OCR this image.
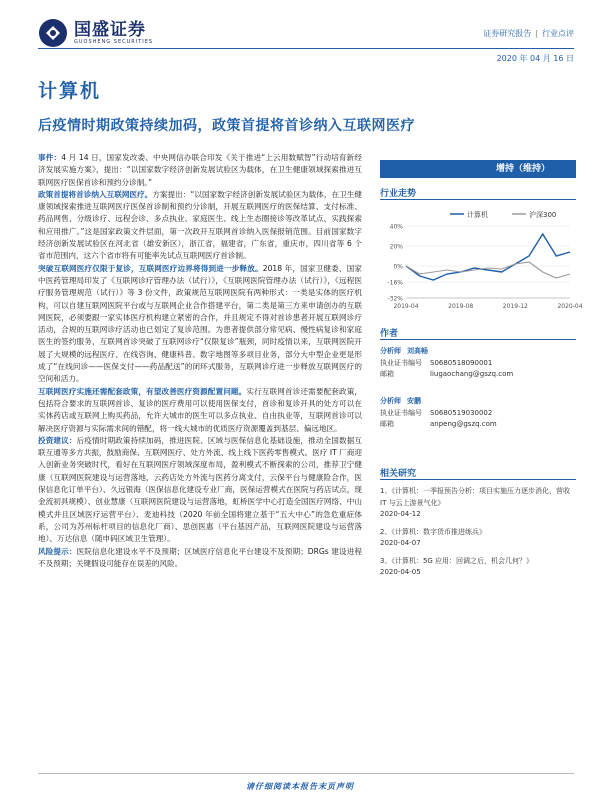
国盛证券
GUOSHENG SECURITIES
证券研究报告 | 行业点评
2020 年 04 月 16 日
计算机
后疫情时期政策持续加码，政策首提将首诊纳入互联网医疗

事件：4 月 14 日，国家发改委、中央网信办联合印发《关于推进“上云用数赋智”行动培育新经济发展实施方案》，提出：“以国家数字经济创新发展试验区为载体，在卫生健康领域探索推进互联网医疗医保首诊和预约分诊制。”

政策首提将首诊纳入互联网医疗。方案提出：“以国家数字经济创新发展试验区为载体，在卫生健康领域探索推进互联网医疗医保首诊制和预约分诊制，开展互联网医疗的医保结算、支付标准、药品网售、分级诊疗、远程会诊、多点执业、家庭医生、线上生态圈接诊等改革试点、实践探索和应用推广。”这是国家政策文件层面，第一次政开互联网首诊纳入医保报销范围。目前国家数字经济创新发展试验区在河北省（雄安新区），浙江省，福建省，广东省，重庆市，四川省等 6 个省市范围内，这六个省市将有可能率先试点互联网医疗首诊制。

突破互联网医疗仅限于复诊，互联网医疗边界将得到进一步释放。2018 年，国家卫健委、国家中医药管理局印发了《互联网诊疗管理办法（试行）》，《互联网医院管理办法（试行）》，《远程医疗服务管理规范（试行）》等 3 份文件，政策规范互联网医院有两种形式：一类是实体的医疗机构，可以自建互联网医院平台或与互联网企业合作搭建平台，第二类是第三方来申请创办的互联网医院，必须要跟一家实体医疗机构建立紧密的合作，并且规定不得对首诊患者开展互联网诊疗活动，合规的互联网诊疗活动也已划定了复诊范围。为患者提供部分常见病、慢性病复诊和家庭医生的签约服务，互联网首诊突破了互联网诊疗“仅限复诊”瓶颈，同时疫情以来，互联网医院开展了大规模的远程医疗、在线咨询、健康科普、数字地图等多项目业务，部分大中型企业更是形成了“在线问诊——医保支付——药品配送”的闭环式服务，互联网诊疗进一步释放互联网医疗的空间和活力。

互联网医疗实施还需配套政策，有望改善医疗资源配置问题。实行互联网首诊还需要配套政策，包括符合要求的互联网首诊、复诊的医疗费用可以使用医保支付，首诊和复诊开具的处方可以在实体药店或互联网上购买药品，允许大城市的医生可以多点执业、自由执业等，互联网首诊可以解决医疗资源与实际需求间的错配，将一线大城市的优质医疗资源覆盖到基层、偏远地区。

投资建议：后疫情时期政策持续加码，推进医院、区域与医保信息化基础设施，推动全国数据互联互通等多方共振，鼓励商保、互联网医疗、处方外流、线上线下医药零售模式。医疗 IT 厂商迎入创新业务突破时代，看好在互联网医疗领域深度布局，盈利模式不断探索的公司，推荐卫宁健康（互联网医院建设与运营落地，云药店处方外流与医药分离支付，云保平台与健康险合作，医保信息化订单平台）、久远银海（医保信息化建设专业厂商，医保运营模式在医院与药店试点，现金流初具规模）、创业慧康（互联网医院建设与运营落地，虹桥医学中心打造全国医疗网络、中山模式并且区域医疗运营平台）、麦迪科技（2020 年前全国将建立基于“五大中心”的急危重症体系，公司为苏州标杆项目的信息化厂商）、思创医惠（平台基因产品，互联网医院建设与运营落地）、万达信息（随申码区域卫生管理）。

风险提示：医院信息化建设水平不及预期；区域医疗信息化平台建设不及预期；DRGs 建设进程不及预期；关键假设可能存在误差的风险。

增持（维持）
行业走势
计算机	沪深300
40%
20%
0%
-16%
-32%
2019-04	2019-08	2019-12	2020-04
作者
分析师 刘高畅
执业证书编号	S0680518090001
邮箱	liugaochang@gszq.com
分析师 安鹏
执业证书编号	S0680519030002
邮箱	anpeng@gszq.com
相关研究
1、《计算机：一季报预告分析：项目实施压力逐步消化，营收 IT 与云上游景气化》
2020-04-12
2、《计算机：数字货币推进练兵》
2020-04-07
3、《计算机：5G 应用：回调之后，机会几何？》
2020-04-05
请仔细阅读本报告末页声明
